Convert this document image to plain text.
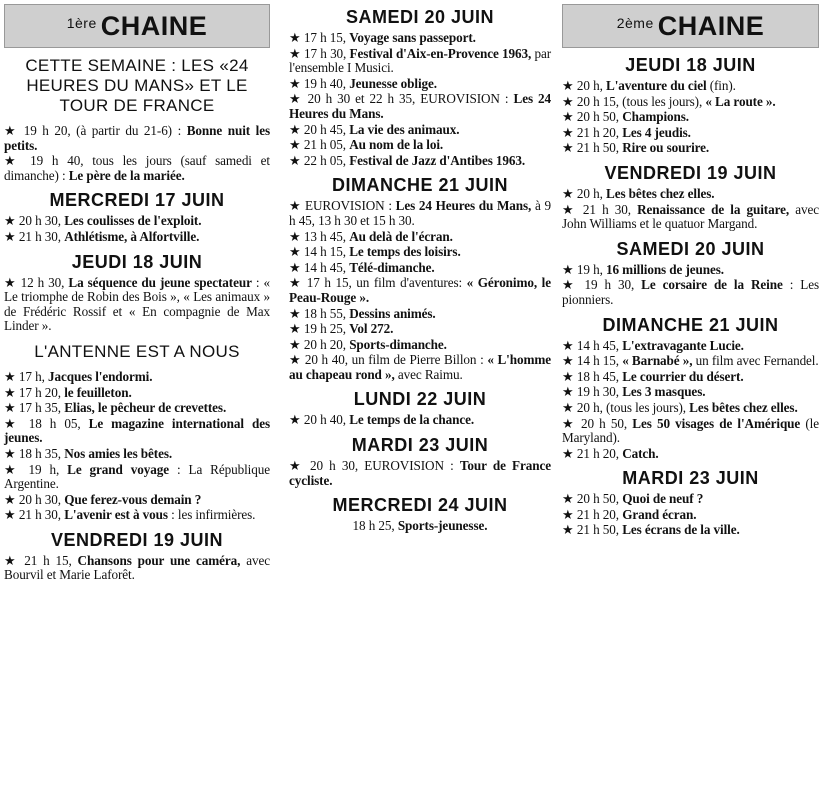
$^{1ère}$ CHAINE
CETTE SEMAINE : LES «24 HEURES DU MANS» ET LE TOUR DE FRANCE
★ 19 h 20, (à partir du 21-6) : Bonne nuit les petits.
★ 19 h 40, tous les jours (sauf samedi et dimanche) : Le père de la mariée.
MERCREDI 17 JUIN
★ 20 h 30, Les coulisses de l'exploit.
★ 21 h 30, Athlétisme, à Alfortville.
JEUDI 18 JUIN
★ 12 h 30, La séquence du jeune spectateur : « Le triomphe de Robin des Bois », « Les animaux » de Frédéric Rossif et « En compagnie de Max Linder ».
L'ANTENNE EST A NOUS
★ 17 h, Jacques l'endormi.
★ 17 h 20, le feuilleton.
★ 17 h 35, Elias, le pêcheur de crevettes.
★ 18 h 05, Le magazine international des jeunes.
★ 18 h 35, Nos amies les bêtes.
★ 19 h, Le grand voyage : La République Argentine.
★ 20 h 30, Que ferez-vous demain ?
★ 21 h 30, L'avenir est à vous : les infirmières.
VENDREDI 19 JUIN
★ 21 h 15, Chansons pour une caméra, avec Bourvil et Marie Laforêt.
SAMEDI 20 JUIN
★ 17 h 15, Voyage sans passeport.
★ 17 h 30, Festival d'Aix-en-Provence 1963, par l'ensemble I Musici.
★ 19 h 40, Jeunesse oblige.
★ 20 h 30 et 22 h 35, EUROVISION : Les 24 Heures du Mans.
★ 20 h 45, La vie des animaux.
★ 21 h 05, Au nom de la loi.
★ 22 h 05, Festival de Jazz d'Antibes 1963.
DIMANCHE 21 JUIN
★ EUROVISION : Les 24 Heures du Mans, à 9 h 45, 13 h 30 et 15 h 30.
★ 13 h 45, Au delà de l'écran.
★ 14 h 15, Le temps des loisirs.
★ 14 h 45, Télé-dimanche.
★ 17 h 15, un film d'aventures: « Géronimo, le Peau-Rouge ».
★ 18 h 55, Dessins animés.
★ 19 h 25, Vol 272.
★ 20 h 20, Sports-dimanche.
★ 20 h 40, un film de Pierre Billon : « L'homme au chapeau rond », avec Raimu.
LUNDI 22 JUIN
★ 20 h 40, Le temps de la chance.
MARDI 23 JUIN
★ 20 h 30, EUROVISION : Tour de France cycliste.
MERCREDI 24 JUIN
18 h 25, Sports-jeunesse.
$^{2ème}$ CHAINE
JEUDI 18 JUIN
★ 20 h, L'aventure du ciel (fin).
★ 20 h 15, (tous les jours), « La route ».
★ 20 h 50, Champions.
★ 21 h 20, Les 4 jeudis.
★ 21 h 50, Rire ou sourire.
VENDREDI 19 JUIN
★ 20 h, Les bêtes chez elles.
★ 21 h 30, Renaissance de la guitare, avec John Williams et le quatuor Margand.
SAMEDI 20 JUIN
★ 19 h, 16 millions de jeunes.
★ 19 h 30, Le corsaire de la Reine : Les pionniers.
DIMANCHE 21 JUIN
★ 14 h 45, L'extravagante Lucie.
★ 14 h 15, « Barnabé », un film avec Fernandel.
★ 18 h 45, Le courrier du désert.
★ 19 h 30, Les 3 masques.
★ 20 h, (tous les jours), Les bêtes chez elles.
★ 20 h 50, Les 50 visages de l'Amérique (le Maryland).
★ 21 h 20, Catch.
MARDI 23 JUIN
★ 20 h 50, Quoi de neuf ?
★ 21 h 20, Grand écran.
★ 21 h 50, Les écrans de la ville.
